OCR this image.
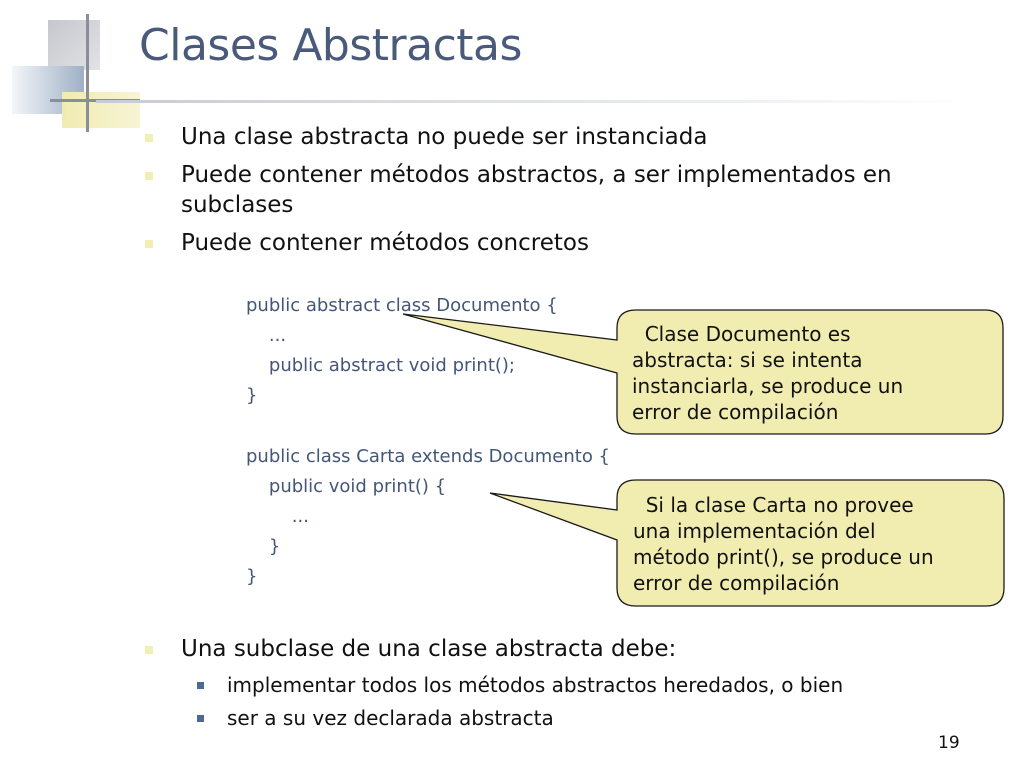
Clases Abstractas
Una clase abstracta no puede ser instanciada
Puede contener métodos abstractos, a ser implementados en subclases
Puede contener métodos concretos
public abstract class Documento {
...
public abstract void print();
}
public class Carta extends Documento {
public void print() {
...
}
}
Clase Documento es
abstracta: si se intenta
instanciarla, se produce un
error de compilación
Si la clase Carta no provee
una implementación del
método print(), se produce un
error de compilación
Una subclase de una clase abstracta debe:
implementar todos los métodos abstractos heredados, o bien
ser a su vez declarada abstracta
19
